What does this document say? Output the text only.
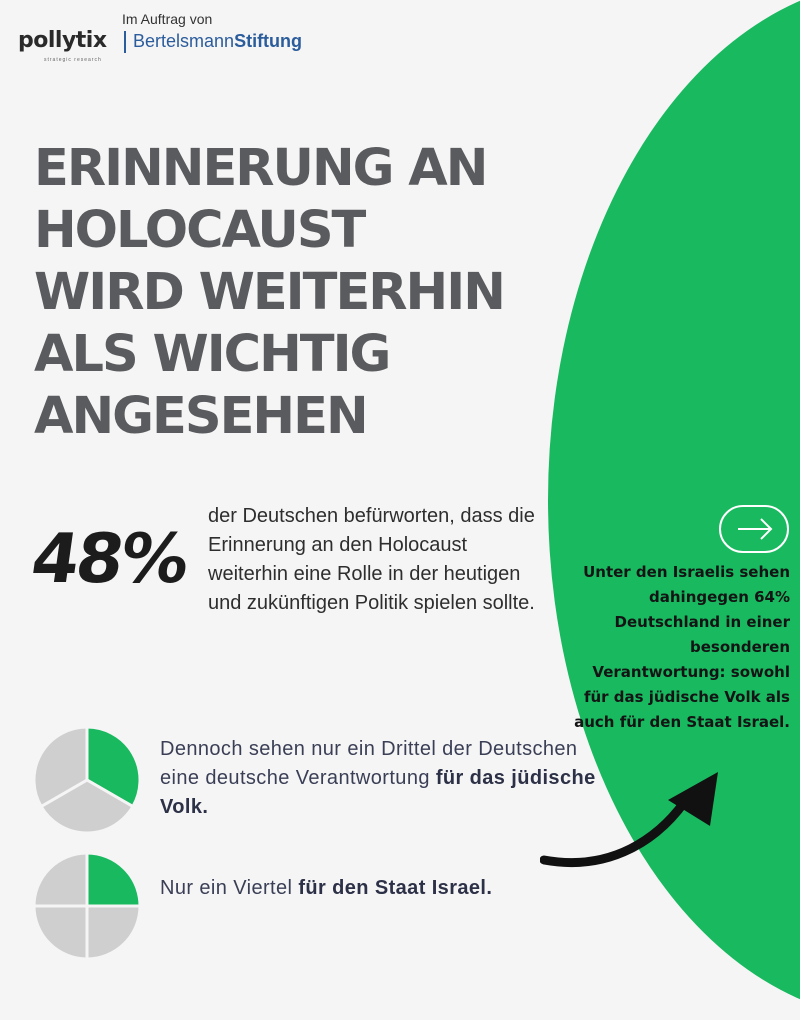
pollytix
strategic research
Im Auftrag von
BertelsmannStiftung
ERINNERUNG AN
HOLOCAUST
WIRD WEITERHIN
ALS WICHTIG
ANGESEHEN
48%
der Deutschen befürworten, dass die Erinnerung an den Holocaust weiterhin eine Rolle in der heutigen und zukünftigen Politik spielen sollte.
Dennoch sehen nur ein Drittel der Deutschen eine deutsche Verantwortung für das jüdische Volk.
Nur ein Viertel für den Staat Israel.
Unter den Israelis sehen dahingegen 64% Deutschland in einer besonderen Verantwortung: sowohl für das jüdische Volk als auch für den Staat Israel.
